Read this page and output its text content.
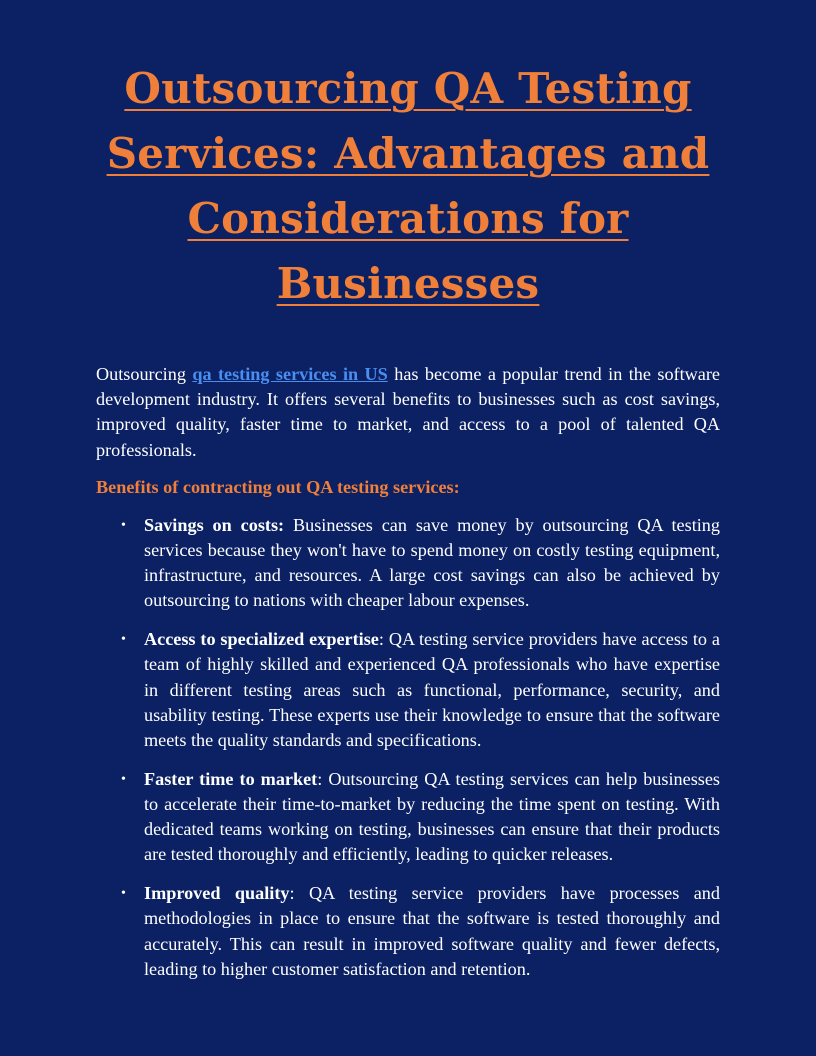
Outsourcing QA Testing Services: Advantages and Considerations for Businesses

Outsourcing qa testing services in US has become a popular trend in the software development industry. It offers several benefits to businesses such as cost savings, improved quality, faster time to market, and access to a pool of talented QA professionals.

Benefits of contracting out QA testing services:
• Savings on costs: Businesses can save money by outsourcing QA testing services because they won't have to spend money on costly testing equipment, infrastructure, and resources. A large cost savings can also be achieved by outsourcing to nations with cheaper labour expenses.
• Access to specialized expertise: QA testing service providers have access to a team of highly skilled and experienced QA professionals who have expertise in different testing areas such as functional, performance, security, and usability testing. These experts use their knowledge to ensure that the software meets the quality standards and specifications.
• Faster time to market: Outsourcing QA testing services can help businesses to accelerate their time-to-market by reducing the time spent on testing. With dedicated teams working on testing, businesses can ensure that their products are tested thoroughly and efficiently, leading to quicker releases.
• Improved quality: QA testing service providers have processes and methodologies in place to ensure that the software is tested thoroughly and accurately. This can result in improved software quality and fewer defects, leading to higher customer satisfaction and retention.
